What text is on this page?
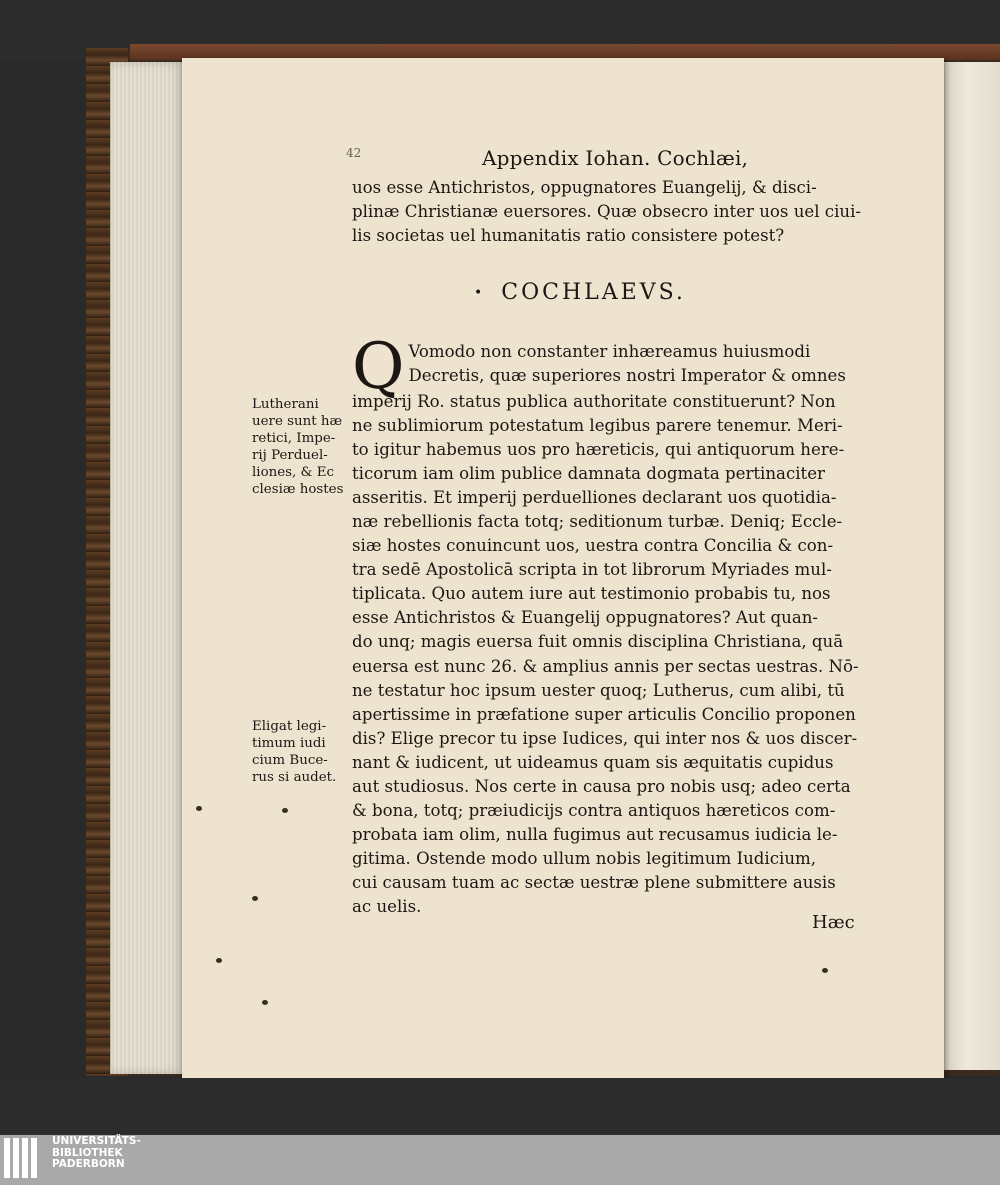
42	Appendix Iohan. Cochlæi,
uos esse Antichristos, oppugnatores Euangelij, & disci-
plinæ Christianæ euersores. Quæ obsecro inter uos uel ciui-
lis societas uel humanitatis ratio consistere potest?
• COCHLAEVS.
Q Vomodo non constanter inhæreamus huiusmodi
Decretis, quæ superiores nostri Imperator & omnes
imperij Ro. status publica authoritate constituerunt? Non
ne sublimiorum potestatum legibus parere tenemur. Meri-
to igitur habemus uos pro hæreticis, qui antiquorum here-
ticorum iam olim publice damnata dogmata pertinaciter
asseritis. Et imperij perduelliones declarant uos quotidia-
næ rebellionis facta totq; seditionum turbæ. Deniq; Eccle-
siæ hostes conuincunt uos, uestra contra Concilia & con-
tra sedē Apostolicā scripta in tot librorum Myriades mul-
tiplicata. Quo autem iure aut testimonio probabis tu, nos
esse Antichristos & Euangelij oppugnatores? Aut quan-
do unq; magis euersa fuit omnis disciplina Christiana, quā
euersa est nunc 26. & amplius annis per sectas uestras. Nō-
ne testatur hoc ipsum uester quoq; Lutherus, cum alibi, tū
apertissime in præfatione super articulis Concilio proponen
dis? Elige precor tu ipse Iudices, qui inter nos & uos discer-
nant & iudicent, ut uideamus quam sis æquitatis cupidus
aut studiosus. Nos certe in causa pro nobis usq; adeo certa
& bona, totq; præiudicijs contra antiquos hæreticos com-
probata iam olim, nulla fugimus aut recusamus iudicia le-
gitima. Ostende modo ullum nobis legitimum Iudicium,
cui causam tuam ac sectæ uestræ plene submittere ausis
ac uelis.
Lutherani
uere sunt hæ
retici, Impe-
rij Perduel-
liones, & Ec
clesiæ hostes
Eligat legi-
timum iudi
cium Buce-
rus si audet.
Hæc
UNIVERSITÄTS-
BIBLIOTHEK
PADERBORN
